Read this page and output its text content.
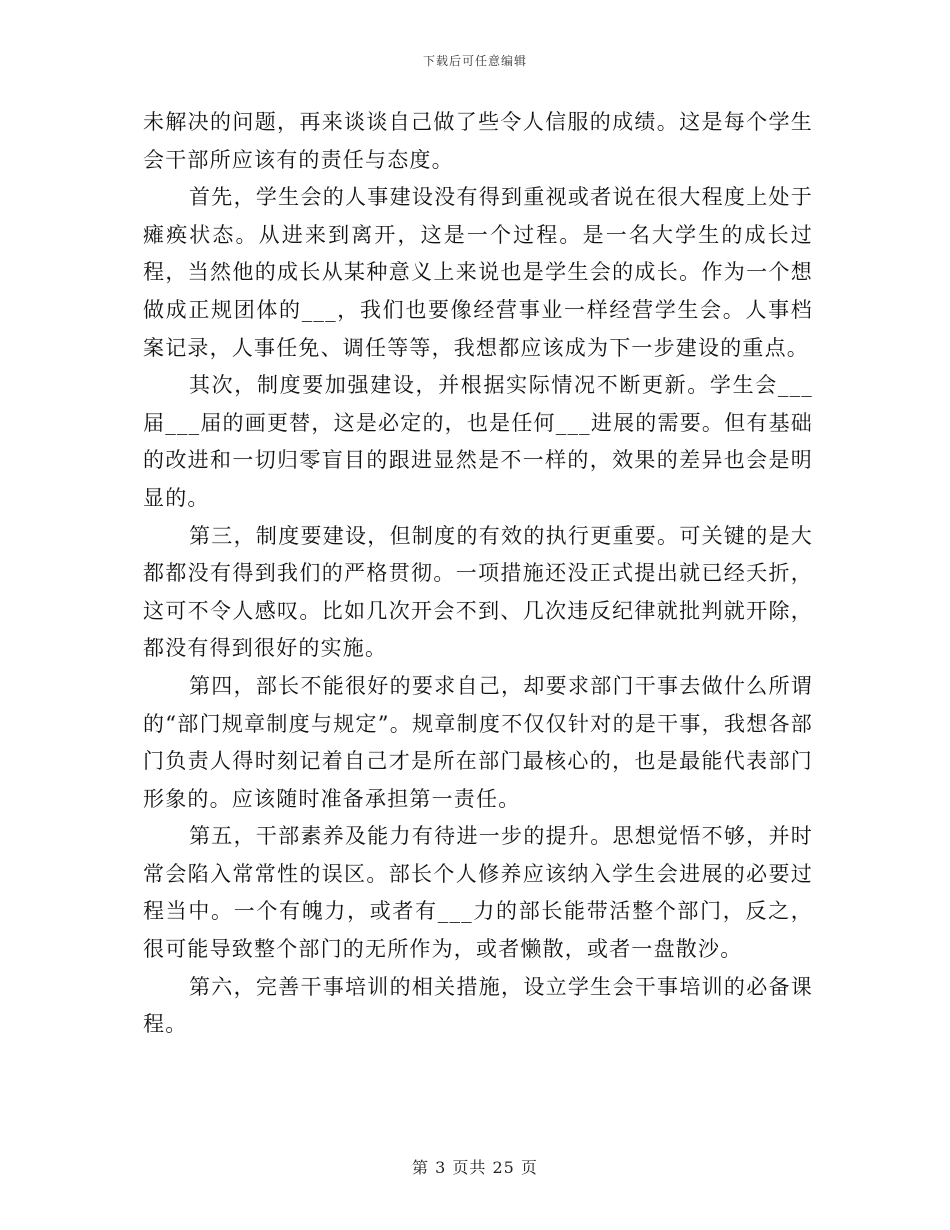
下载后可任意编辑

未解决的问题，再来谈谈自己做了些令人信服的成绩。这是每个学生会干部所应该有的责任与态度。

首先，学生会的人事建设没有得到重视或者说在很大程度上处于瘫痪状态。从进来到离开，这是一个过程。是一名大学生的成长过程，当然他的成长从某种意义上来说也是学生会的成长。作为一个想做成正规团体的___，我们也要像经营事业一样经营学生会。人事档案记录，人事任免、调任等等，我想都应该成为下一步建设的重点。

其次，制度要加强建设，并根据实际情况不断更新。学生会___届___届的画更替，这是必定的，也是任何___进展的需要。但有基础的改进和一切归零盲目的跟进显然是不一样的，效果的差异也会是明显的。

第三，制度要建设，但制度的有效的执行更重要。可关键的是大都都没有得到我们的严格贯彻。一项措施还没正式提出就已经夭折，这可不令人感叹。比如几次开会不到、几次违反纪律就批判就开除，都没有得到很好的实施。

第四，部长不能很好的要求自己，却要求部门干事去做什么所谓的“部门规章制度与规定”。规章制度不仅仅针对的是干事，我想各部门负责人得时刻记着自己才是所在部门最核心的，也是最能代表部门形象的。应该随时准备承担第一责任。

第五，干部素养及能力有待进一步的提升。思想觉悟不够，并时常会陷入常常性的误区。部长个人修养应该纳入学生会进展的必要过程当中。一个有魄力，或者有___力的部长能带活整个部门，反之，很可能导致整个部门的无所作为，或者懒散，或者一盘散沙。

第六，完善干事培训的相关措施，设立学生会干事培训的必备课程。

第 3 页共 25 页
